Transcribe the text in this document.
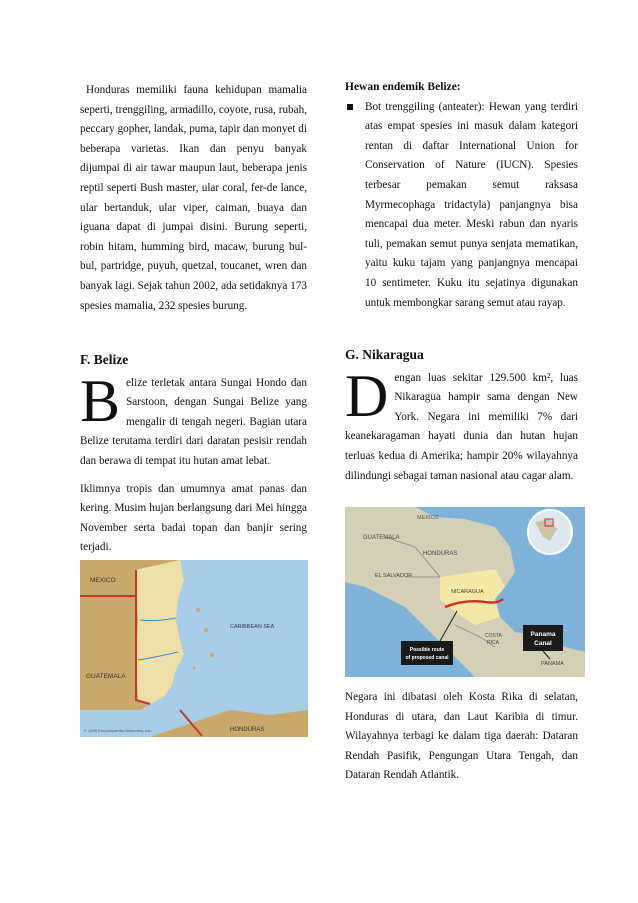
Honduras memiliki fauna kehidupan mamalia seperti, trenggiling, armadillo, coyote, rusa, rubah, peccary gopher, landak, puma, tapir dan monyet di beberapa varietas. Ikan dan penyu banyak dijumpai di air tawar maupun laut, beberapa jenis reptil seperti Bush master, ular coral, fer-de lance, ular bertanduk, ular viper, caiman, buaya dan iguana dapat di jumpai disini. Burung seperti, robin hitam, humming bird, macaw, burung bul-bul, partridge, puyuh, quetzal, toucanet, wren dan banyak lagi. Sejak tahun 2002, ada setidaknya 173 spesies mamalia, 232 spesies burung.

Hewan endemik Belize:

Bot trenggiling (anteater): Hewan yang terdiri atas empat spesies ini masuk dalam kategori rentan di daftar International Union for Conservation of Nature (IUCN). Spesies terbesar pemakan semut raksasa Myrmecophaga tridactyla) panjangnya bisa mencapai dua meter. Meski rabun dan nyaris tuli, pemakan semut punya senjata mematikan, yaitu kuku tajam yang panjangnya mencapai 10 sentimeter. Kuku itu sejatinya digunakan untuk membongkar sarang semut atau rayap.

F. Belize

B elize terletak antara Sungai Hondo dan Sarstoon, dengan Sungai Belize yang mengalir di tengah negeri. Bagian utara Belize terutama terdiri dari daratan pesisir rendah dan berawa di tempat itu hutan amat lebat.

Iklimnya tropis dan umumnya amat panas dan kering. Musim hujan berlangsung dari Mei hingga November serta badai topan dan banjir sering terjadi.

MEXICO
GUATEMALA
CARIBBEAN SEA
HONDURAS
© 1999 Encyclopaedia Britannica, Inc.

G. Nikaragua

D engan luas sekitar 129.500 km², luas Nikaragua hampir sama dengan New York. Negara ini memiliki 7% dari keanekaragaman hayati dunia dan hutan hujan terluas kedua di Amerika; hampir 20% wilayahnya dilindungi sebagai taman nasional atau cagar alam.

MEXICO
GUATEMALA
HONDURAS
EL SALVADOR
NICARAGUA
COSTA
RICA
PANAMA
Panama
Canal
Possible route
of proposed canal

Negara ini dibatasi oleh Kosta Rika di selatan, Honduras di utara, dan Laut Karibia di timur. Wilayahnya terbagi ke dalam tiga daerah: Dataran Rendah Pasifik, Pengungan Utara Tengah, dan Dataran Rendah Atlantik.
